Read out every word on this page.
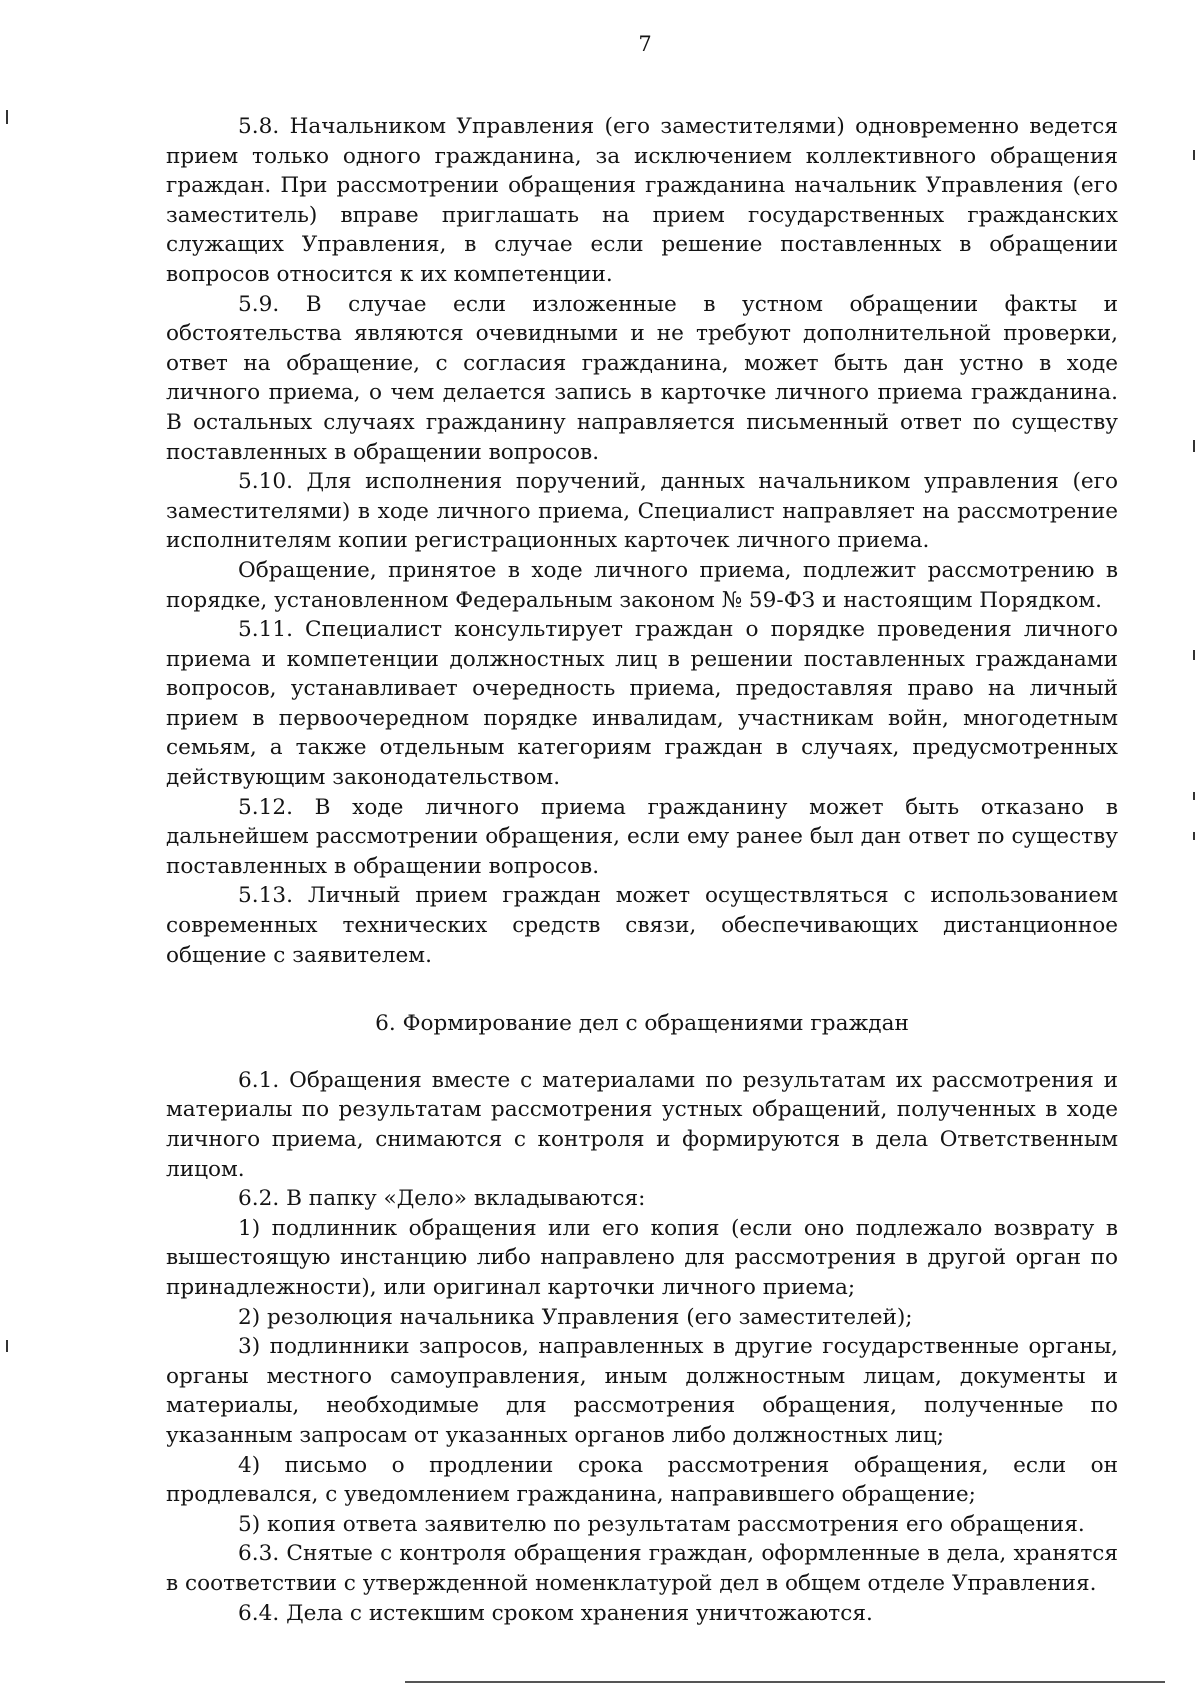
7

5.8. Начальником Управления (его заместителями) одновременно ведется прием только одного гражданина, за исключением коллективного обращения граждан. При рассмотрении обращения гражданина начальник Управления (его заместитель) вправе приглашать на прием государственных гражданских служащих Управления, в случае если решение поставленных в обращении вопросов относится к их компетенции.

5.9. В случае если изложенные в устном обращении факты и обстоятельства являются очевидными и не требуют дополнительной проверки, ответ на обращение, с согласия гражданина, может быть дан устно в ходе личного приема, о чем делается запись в карточке личного приема гражданина. В остальных случаях гражданину направляется письменный ответ по существу поставленных в обращении вопросов.

5.10. Для исполнения поручений, данных начальником управления (его заместителями) в ходе личного приема, Специалист направляет на рассмотрение исполнителям копии регистрационных карточек личного приема.

Обращение, принятое в ходе личного приема, подлежит рассмотрению в порядке, установленном Федеральным законом № 59-ФЗ и настоящим Порядком.

5.11. Специалист консультирует граждан о порядке проведения личного приема и компетенции должностных лиц в решении поставленных гражданами вопросов, устанавливает очередность приема, предоставляя право на личный прием в первоочередном порядке инвалидам, участникам войн, многодетным семьям, а также отдельным категориям граждан в случаях, предусмотренных действующим законодательством.

5.12. В ходе личного приема гражданину может быть отказано в дальнейшем рассмотрении обращения, если ему ранее был дан ответ по существу поставленных в обращении вопросов.

5.13. Личный прием граждан может осуществляться с использованием современных технических средств связи, обеспечивающих дистанционное общение с заявителем.

6. Формирование дел с обращениями граждан

6.1. Обращения вместе с материалами по результатам их рассмотрения и материалы по результатам рассмотрения устных обращений, полученных в ходе личного приема, снимаются с контроля и формируются в дела Ответственным лицом.

6.2. В папку «Дело» вкладываются:

1) подлинник обращения или его копия (если оно подлежало возврату в вышестоящую инстанцию либо направлено для рассмотрения в другой орган по принадлежности), или оригинал карточки личного приема;

2) резолюция начальника Управления (его заместителей);

3) подлинники запросов, направленных в другие государственные органы, органы местного самоуправления, иным должностным лицам, документы и материалы, необходимые для рассмотрения обращения, полученные по указанным запросам от указанных органов либо должностных лиц;

4) письмо о продлении срока рассмотрения обращения, если он продлевался, с уведомлением гражданина, направившего обращение;

5) копия ответа заявителю по результатам рассмотрения его обращения.

6.3. Снятые с контроля обращения граждан, оформленные в дела, хранятся в соответствии с утвержденной номенклатурой дел в общем отделе Управления.

6.4. Дела с истекшим сроком хранения уничтожаются.
